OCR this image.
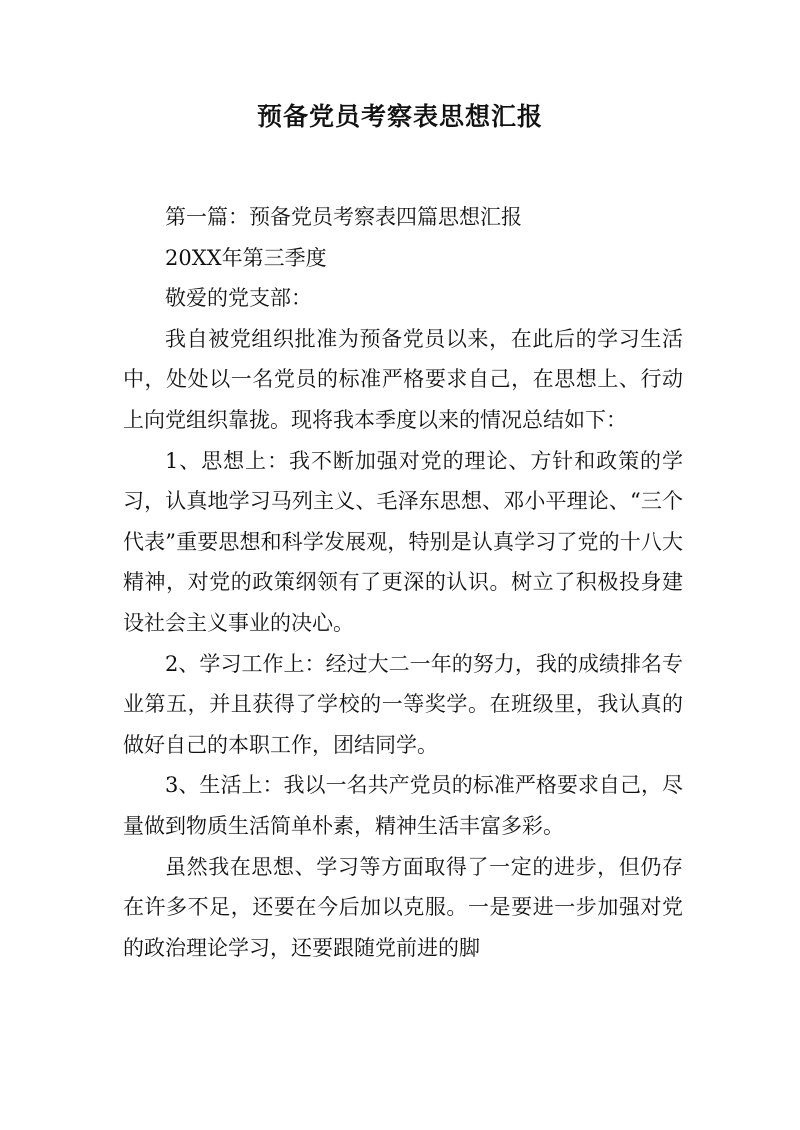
预备党员考察表思想汇报

第一篇：预备党员考察表四篇思想汇报

20XX年第三季度

敬爱的党支部：

我自被党组织批准为预备党员以来，在此后的学习生活中，处处以一名党员的标准严格要求自己，在思想上、行动上向党组织靠拢。现将我本季度以来的情况总结如下：

1、思想上：我不断加强对党的理论、方针和政策的学习，认真地学习马列主义、毛泽东思想、邓小平理论、“三个代表”重要思想和科学发展观，特别是认真学习了党的十八大精神，对党的政策纲领有了更深的认识。树立了积极投身建设社会主义事业的决心。

2、学习工作上：经过大二一年的努力，我的成绩排名专业第五，并且获得了学校的一等奖学。在班级里，我认真的做好自己的本职工作，团结同学。

3、生活上：我以一名共产党员的标准严格要求自己，尽量做到物质生活简单朴素，精神生活丰富多彩。

虽然我在思想、学习等方面取得了一定的进步，但仍存在许多不足，还要在今后加以克服。一是要进一步加强对党的政治理论学习，还要跟随党前进的脚
